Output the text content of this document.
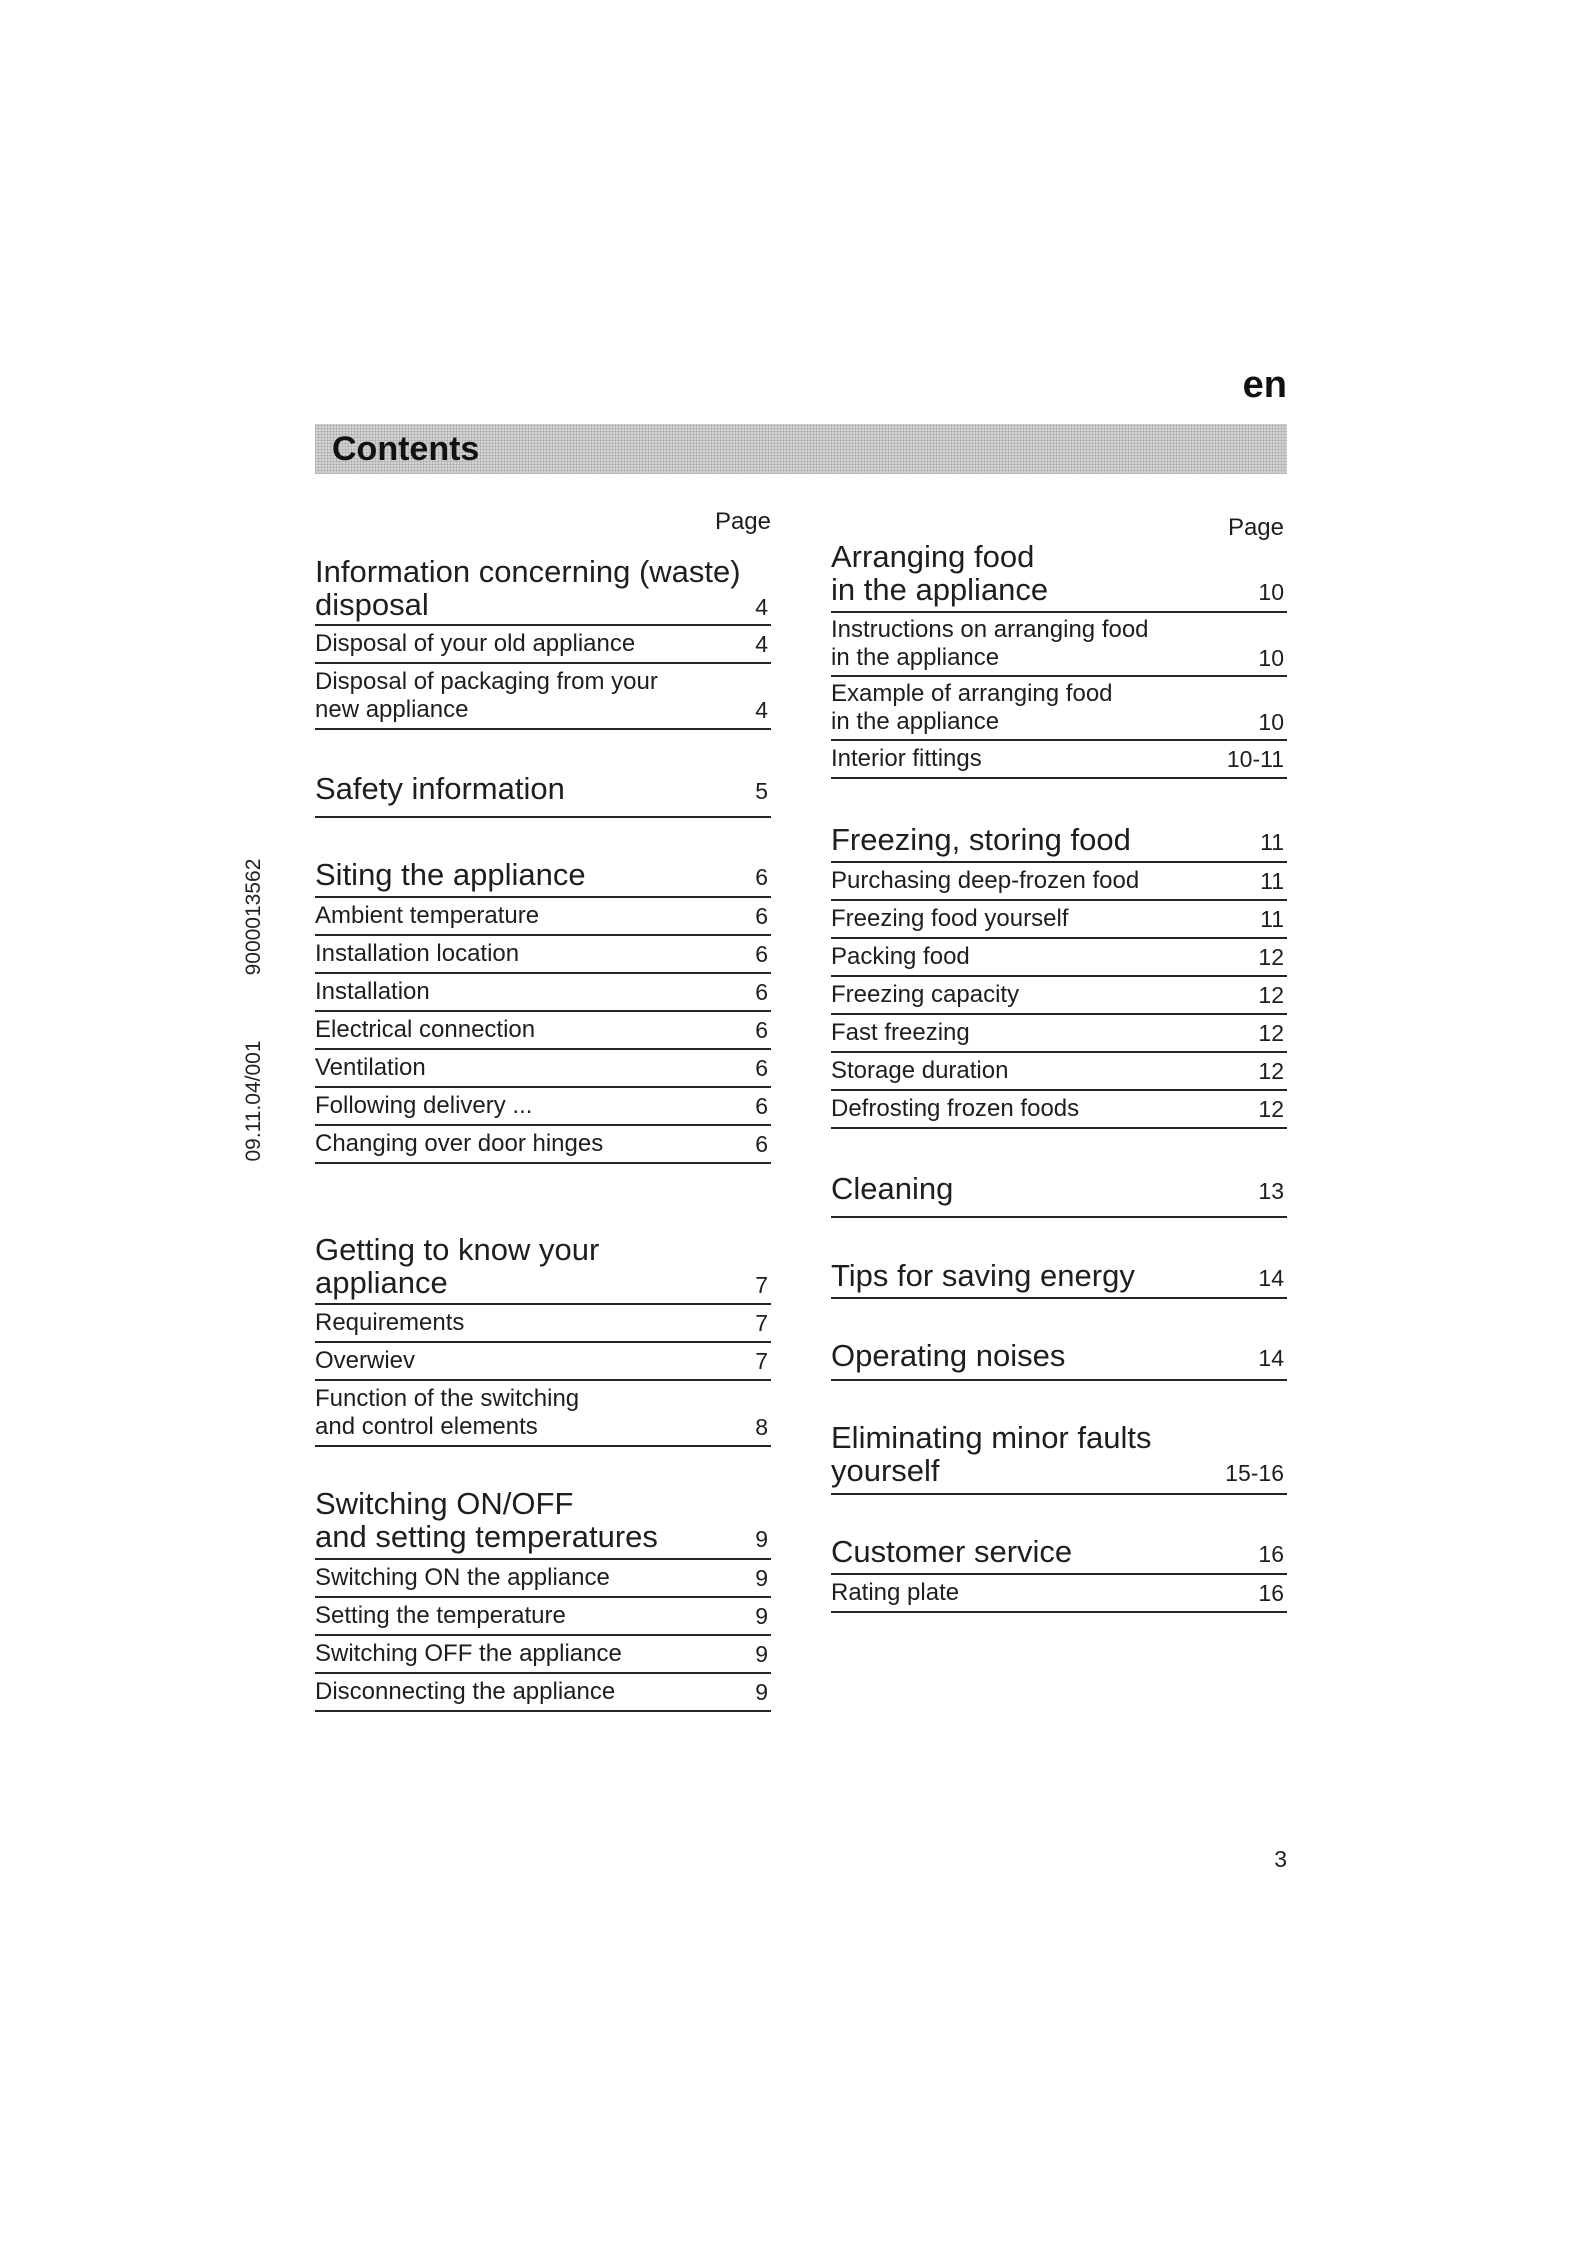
en
Contents
9000013562
09.11.04/001
Page	Page
Information concerning (waste)
disposal	4
Disposal of your old appliance	4
Disposal of packaging from your
new appliance	4
Safety information	5
Siting the appliance	6
Ambient temperature	6
Installation location	6
Installation	6
Electrical connection	6
Ventilation	6
Following delivery ...	6
Changing over door hinges	6
Getting to know your
appliance	7
Requirements	7
Overwiev	7
Function of the switching
and control elements	8
Switching ON/OFF
and setting temperatures	9
Switching ON the appliance	9
Setting the temperature	9
Switching OFF the appliance	9
Disconnecting the appliance	9
Arranging food
in the appliance	10
Instructions on arranging food
in the appliance	10
Example of arranging food
in the appliance	10
Interior fittings	10-11
Freezing, storing food	11
Purchasing deep-frozen food	11
Freezing food yourself	11
Packing food	12
Freezing capacity	12
Fast freezing	12
Storage duration	12
Defrosting frozen foods	12
Cleaning	13
Tips for saving energy	14
Operating noises	14
Eliminating minor faults
yourself	15-16
Customer service	16
Rating plate	16
3
